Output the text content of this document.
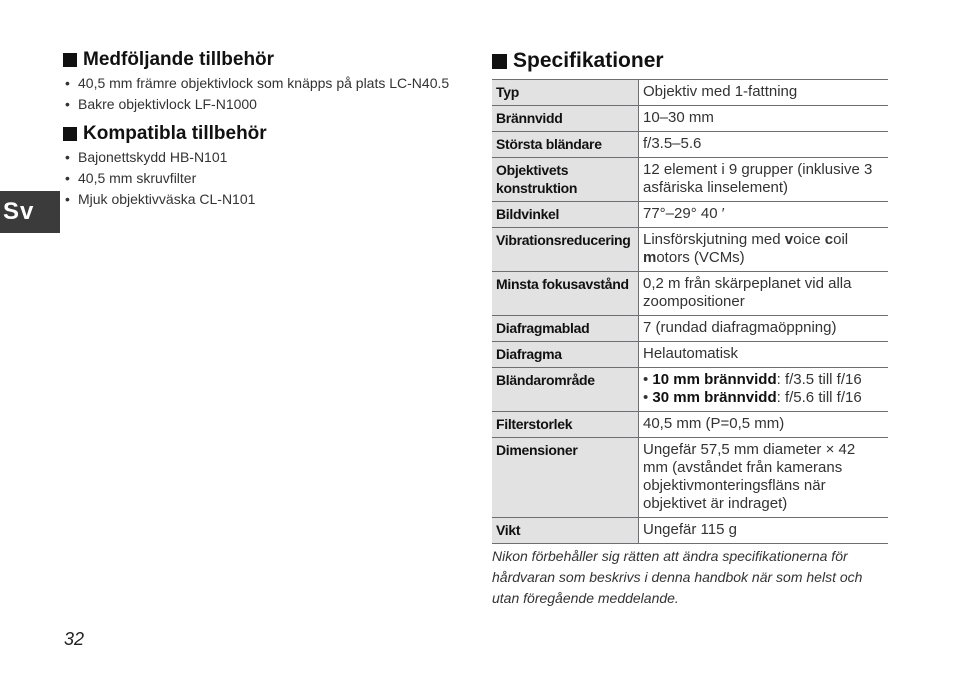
Sv
Medföljande tillbehör
• 40,5 mm främre objektivlock som knäpps på plats LC-N40.5
• Bakre objektivlock LF-N1000
Kompatibla tillbehör
• Bajonettskydd HB-N101
• 40,5 mm skruvfilter
• Mjuk objektivväska CL-N101
Specifikationer
Typ	Objektiv med 1-fattning
Brännvidd	10–30 mm
Största bländare	f/3.5–5.6
Objektivets konstruktion	12 element i 9 grupper (inklusive 3 asfäriska linselement)
Bildvinkel	77°–29° 40 ′
Vibrationsreducering	Linsförskjutning med voice coil
motors (VCMs)
Minsta fokusavstånd	0,2 m från skärpeplanet vid alla zoompositioner
Diafragmablad	7 (rundad diafragmaöppning)
Diafragma	Helautomatisk
Bländarområde	• 10 mm brännvidd: f/3.5 till f/16
• 30 mm brännvidd: f/5.6 till f/16

Filterstorlek	40,5 mm (P=0,5 mm)
Dimensioner	Ungefär 57,5 mm diameter × 42 mm (avståndet från kamerans objektivmonteringsfläns när objektivet är indraget)
Vikt	Ungefär 115 g
Nikon förbehåller sig rätten att ändra specifikationerna för hårdvaran som beskrivs i denna handbok när som helst och utan föregående meddelande.
32
